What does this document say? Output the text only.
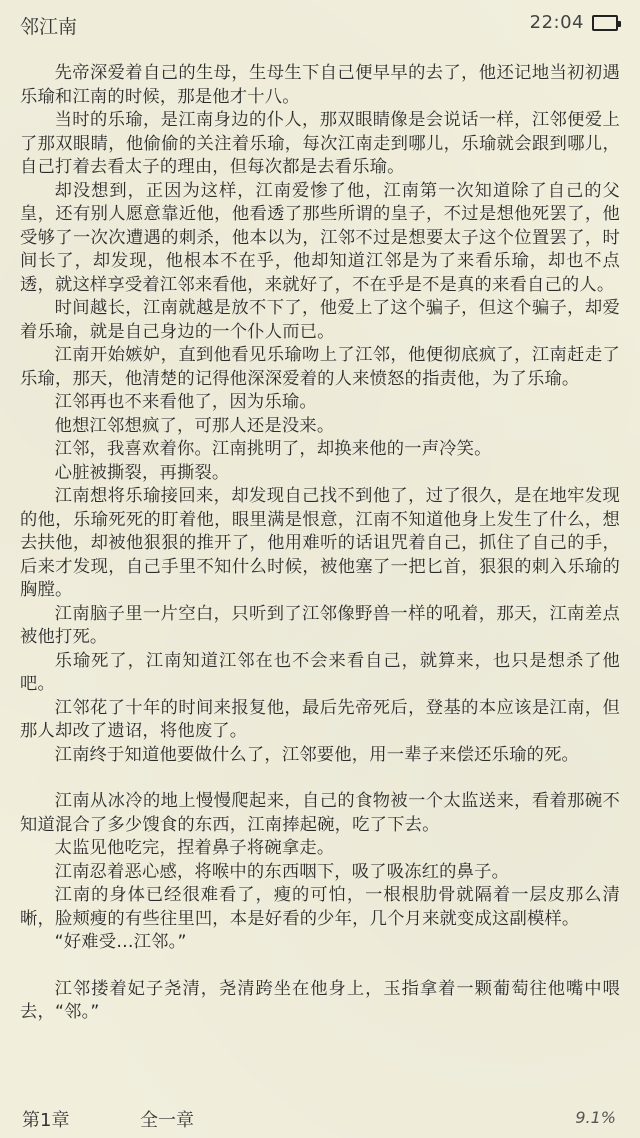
邻江南	22:04

先帝深爱着自己的生母，生母生下自己便早早的去了，他还记地当初初遇乐瑜和江南的时候，那是他才十八。

当时的乐瑜，是江南身边的仆人，那双眼睛像是会说话一样，江邻便爱上了那双眼睛，他偷偷的关注着乐瑜，每次江南走到哪儿，乐瑜就会跟到哪儿，自己打着去看太子的理由，但每次都是去看乐瑜。

却没想到，正因为这样，江南爱惨了他，江南第一次知道除了自己的父皇，还有别人愿意靠近他，他看透了那些所谓的皇子，不过是想他死罢了，他受够了一次次遭遇的刺杀，他本以为，江邻不过是想要太子这个位置罢了，时间长了，却发现，他根本不在乎，他却知道江邻是为了来看乐瑜，却也不点透，就这样享受着江邻来看他，来就好了，不在乎是不是真的来看自己的人。

时间越长，江南就越是放不下了，他爱上了这个骗子，但这个骗子，却爱着乐瑜，就是自己身边的一个仆人而已。

江南开始嫉妒，直到他看见乐瑜吻上了江邻，他便彻底疯了，江南赶走了乐瑜，那天，他清楚的记得他深深爱着的人来愤怒的指责他，为了乐瑜。

江邻再也不来看他了，因为乐瑜。

他想江邻想疯了，可那人还是没来。

江邻，我喜欢着你。江南挑明了，却换来他的一声冷笑。

心脏被撕裂，再撕裂。

江南想将乐瑜接回来，却发现自己找不到他了，过了很久，是在地牢发现的他，乐瑜死死的盯着他，眼里满是恨意，江南不知道他身上发生了什么，想去扶他，却被他狠狠的推开了，他用难听的话诅咒着自己，抓住了自己的手，后来才发现，自己手里不知什么时候，被他塞了一把匕首，狠狠的刺入乐瑜的胸膛。

江南脑子里一片空白，只听到了江邻像野兽一样的吼着，那天，江南差点被他打死。

乐瑜死了，江南知道江邻在也不会来看自己，就算来，也只是想杀了他吧。

江邻花了十年的时间来报复他，最后先帝死后，登基的本应该是江南，但那人却改了遗诏，将他废了。

江南终于知道他要做什么了，江邻要他，用一辈子来偿还乐瑜的死。

江南从冰冷的地上慢慢爬起来，自己的食物被一个太监送来，看着那碗不知道混合了多少馊食的东西，江南捧起碗，吃了下去。

太监见他吃完，捏着鼻子将碗拿走。

江南忍着恶心感，将喉中的东西咽下，吸了吸冻红的鼻子。

江南的身体已经很难看了，瘦的可怕，一根根肋骨就隔着一层皮那么清晰，脸颊瘦的有些往里凹，本是好看的少年，几个月来就变成这副模样。

“好难受…江邻。”

江邻搂着妃子尧清，尧清跨坐在他身上，玉指拿着一颗葡萄往他嘴中喂去，“邻。”

第1章	全一章	9.1%
